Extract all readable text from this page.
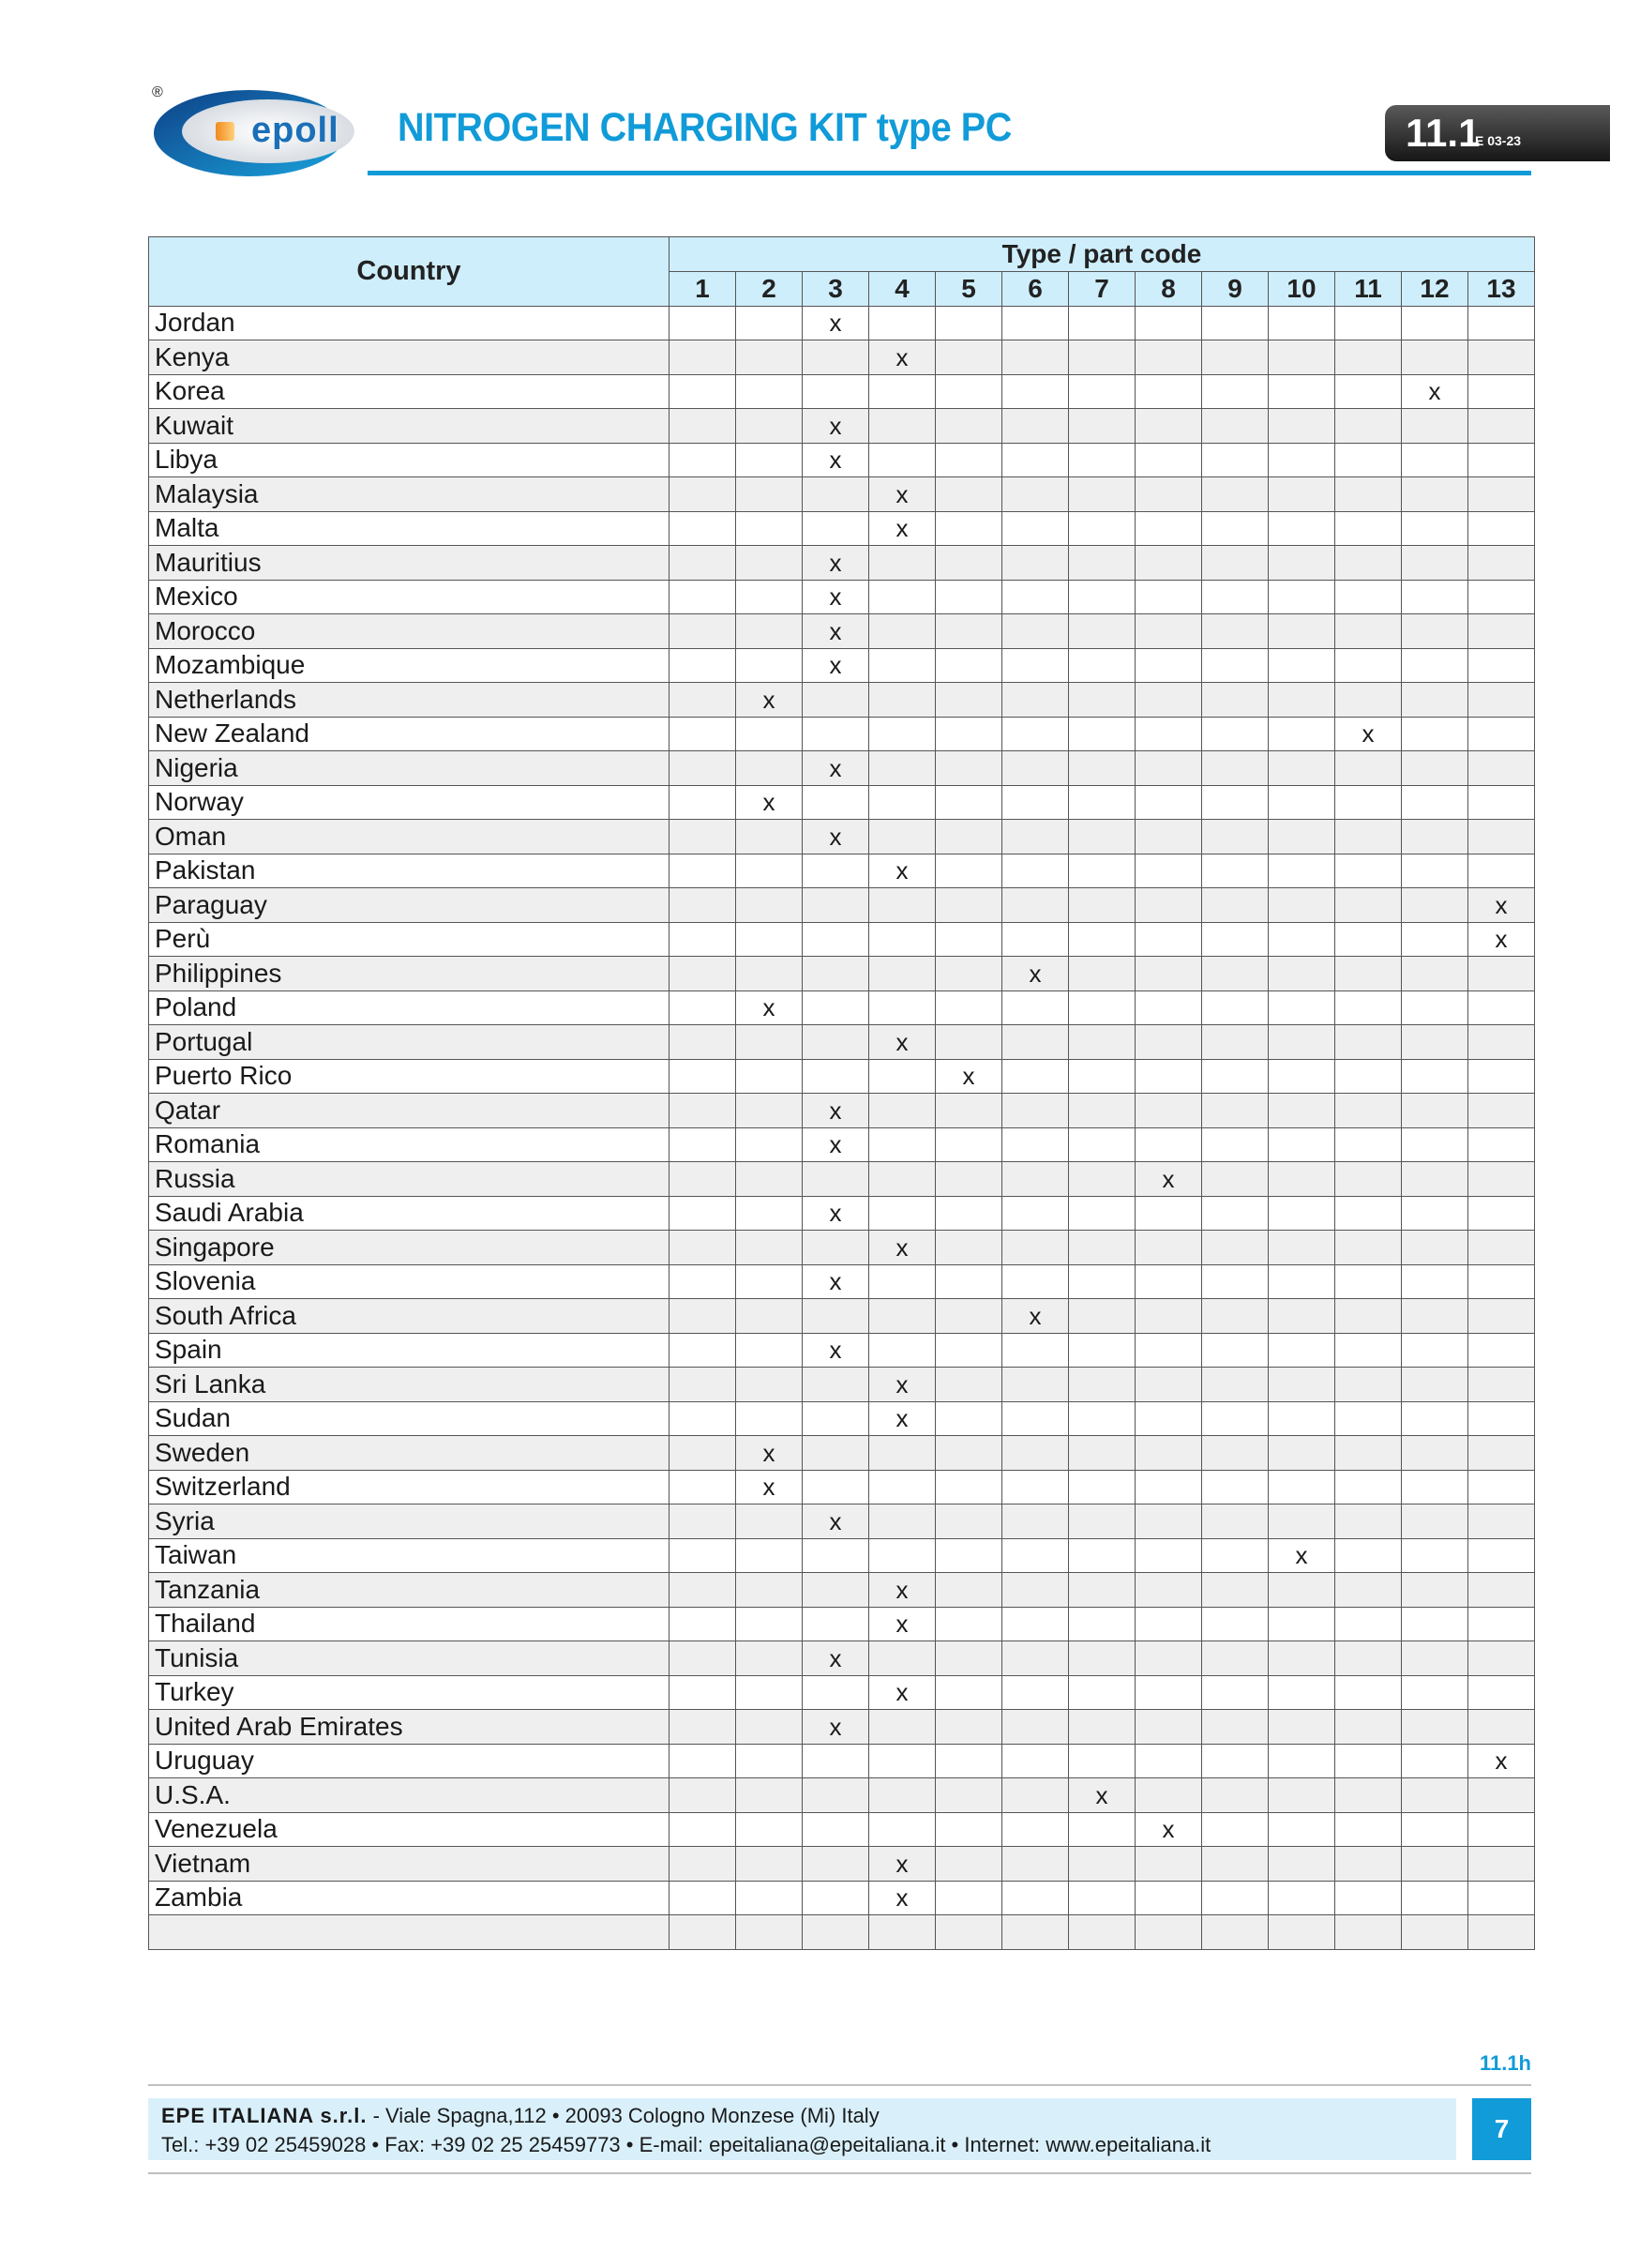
®
epoll NITROGEN CHARGING KIT type PC	11.1
E 03-23
Country	Type / part code												
	1	2	3	4	5	6	7	8	9	10	11	12	13
Jordan			x										
Kenya				x									
Korea												x	
Kuwait			x										
Libya			x										
Malaysia				x									
Malta				x									
Mauritius			x										
Mexico			x										
Morocco			x										
Mozambique			x										
Netherlands		x											
New Zealand											x		
Nigeria			x										
Norway		x											
Oman			x										
Pakistan				x									
Paraguay													x
Perù													x
Philippines						x							
Poland		x											
Portugal				x									
Puerto Rico					x								
Qatar			x										
Romania			x										
Russia								x					
Saudi Arabia			x										
Singapore				x									
Slovenia			x										
South Africa						x							
Spain			x										
Sri Lanka				x									
Sudan				x									
Sweden		x											
Switzerland		x											
Syria			x										
Taiwan										x			
Tanzania				x									
Thailand				x									
Tunisia			x										
Turkey				x									
United Arab Emirates			x										
Uruguay													x
U.S.A.							x						
Venezuela								x					
Vietnam				x									
Zambia				x									

11.1h
EPE ITALIANA s.r.l. - Viale Spagna,112 • 20093 Cologno Monzese (Mi) Italy
Tel.: +39 02 25459028 • Fax: +39 02 25 25459773 • E-mail: epeitaliana@epeitaliana.it • Internet: www.epeitaliana.it
7
